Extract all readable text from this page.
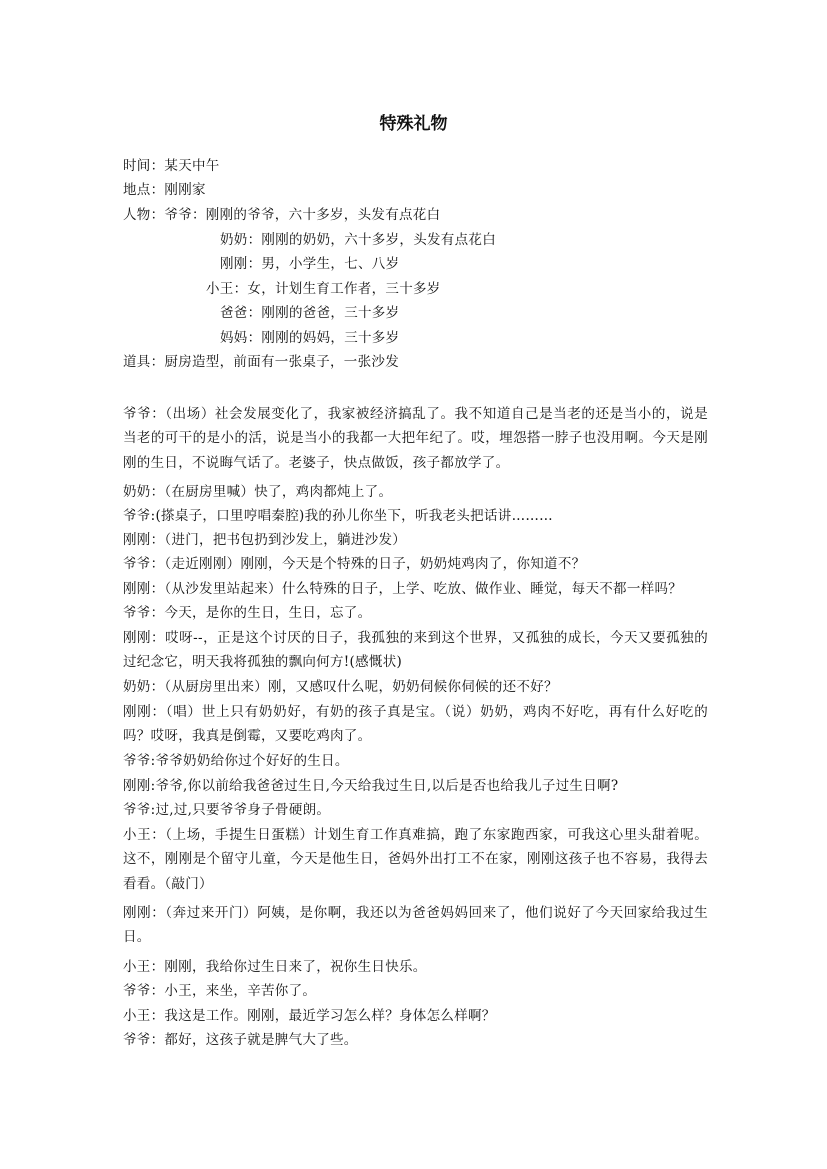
特殊礼物
时间：某天中午
地点：刚刚家
人物：爷爷：刚刚的爷爷，六十多岁，头发有点花白
奶奶：刚刚的奶奶，六十多岁，头发有点花白
刚刚：男，小学生，七、八岁
小王：女，计划生育工作者，三十多岁
爸爸：刚刚的爸爸，三十多岁
妈妈：刚刚的妈妈，三十多岁
道具：厨房造型，前面有一张桌子，一张沙发
爷爷：（出场）社会发展变化了，我家被经济搞乱了。我不知道自己是当老的还是当小的，说是当老的可干的是小的活，说是当小的我都一大把年纪了。哎，埋怨搭一脖子也没用啊。今天是刚刚的生日，不说晦气话了。老婆子，快点做饭，孩子都放学了。
奶奶：（在厨房里喊）快了，鸡肉都炖上了。
爷爷:(搽桌子，口里哼唱秦腔)我的孙儿你坐下，听我老头把话讲………
刚刚：（进门，把书包扔到沙发上，躺进沙发）
爷爷：（走近刚刚）刚刚，今天是个特殊的日子，奶奶炖鸡肉了，你知道不？
刚刚：（从沙发里站起来）什么特殊的日子，上学、吃放、做作业、睡觉，每天不都一样吗？
爷爷：今天，是你的生日，生日，忘了。
刚刚：哎呀--，正是这个讨厌的日子，我孤独的来到这个世界，又孤独的成长，今天又要孤独的过纪念它，明天我将孤独的飘向何方!(感慨状)
奶奶：（从厨房里出来）刚，又感叹什么呢，奶奶伺候你伺候的还不好？
刚刚：（唱）世上只有奶奶好，有奶的孩子真是宝。（说）奶奶，鸡肉不好吃，再有什么好吃的吗？哎呀，我真是倒霉，又要吃鸡肉了。
爷爷:爷爷奶奶给你过个好好的生日。
刚刚:爷爷,你以前给我爸爸过生日,今天给我过生日,以后是否也给我儿子过生日啊?
爷爷:过,过,只要爷爷身子骨硬朗。
小王：（上场，手提生日蛋糕）计划生育工作真难搞，跑了东家跑西家，可我这心里头甜着呢。这不，刚刚是个留守儿童，今天是他生日，爸妈外出打工不在家，刚刚这孩子也不容易，我得去看看。（敲门）
刚刚：（奔过来开门）阿姨，是你啊，我还以为爸爸妈妈回来了，他们说好了今天回家给我过生日。
小王：刚刚，我给你过生日来了，祝你生日快乐。
爷爷：小王，来坐，辛苦你了。
小王：我这是工作。刚刚，最近学习怎么样？身体怎么样啊？
爷爷：都好，这孩子就是脾气大了些。
